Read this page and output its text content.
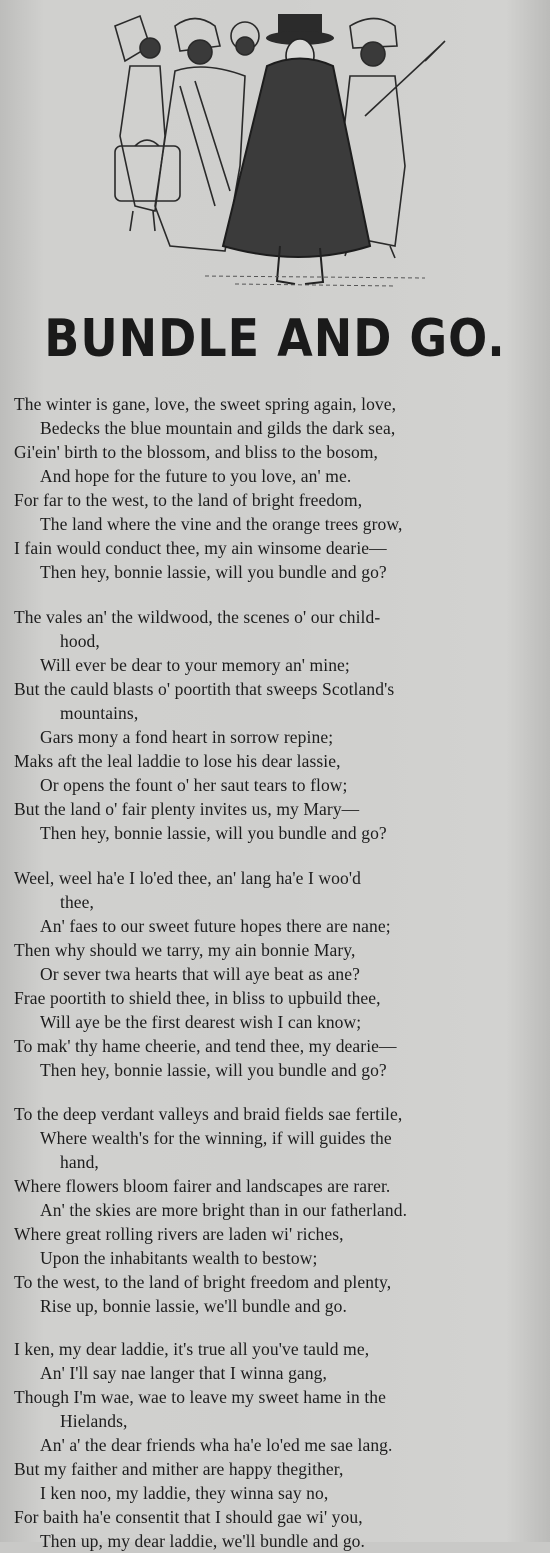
BUNDLE AND GO.
The winter is gane, love, the sweet spring again, love,
Bedecks the blue mountain and gilds the dark sea,
Gi'ein' birth to the blossom, and bliss to the bosom,
And hope for the future to you love, an' me.
For far to the west, to the land of bright freedom,
The land where the vine and the orange trees grow,
I fain would conduct thee, my ain winsome dearie—
Then hey, bonnie lassie, will you bundle and go?
The vales an' the wildwood, the scenes o' our child-
hood,
Will ever be dear to your memory an' mine;
But the cauld blasts o' poortith that sweeps Scotland's
mountains,
Gars mony a fond heart in sorrow repine;
Maks aft the leal laddie to lose his dear lassie,
Or opens the fount o' her saut tears to flow;
But the land o' fair plenty invites us, my Mary—
Then hey, bonnie lassie, will you bundle and go?
Weel, weel ha'e I lo'ed thee, an' lang ha'e I woo'd
thee,
An' faes to our sweet future hopes there are nane;
Then why should we tarry, my ain bonnie Mary,
Or sever twa hearts that will aye beat as ane?
Frae poortith to shield thee, in bliss to upbuild thee,
Will aye be the first dearest wish I can know;
To mak' thy hame cheerie, and tend thee, my dearie—
Then hey, bonnie lassie, will you bundle and go?
To the deep verdant valleys and braid fields sae fertile,
Where wealth's for the winning, if will guides the
hand,
Where flowers bloom fairer and landscapes are rarer.
An' the skies are more bright than in our fatherland.
Where great rolling rivers are laden wi' riches,
Upon the inhabitants wealth to bestow;
To the west, to the land of bright freedom and plenty,
Rise up, bonnie lassie, we'll bundle and go.
I ken, my dear laddie, it's true all you've tauld me,
An' I'll say nae langer that I winna gang,
Though I'm wae, wae to leave my sweet hame in the
Hielands,
An' a' the dear friends wha ha'e lo'ed me sae lang.
But my faither and mither are happy thegither,
I ken noo, my laddie, they winna say no,
For baith ha'e consentit that I should gae wi' you,
Then up, my dear laddie, we'll bundle and go.
